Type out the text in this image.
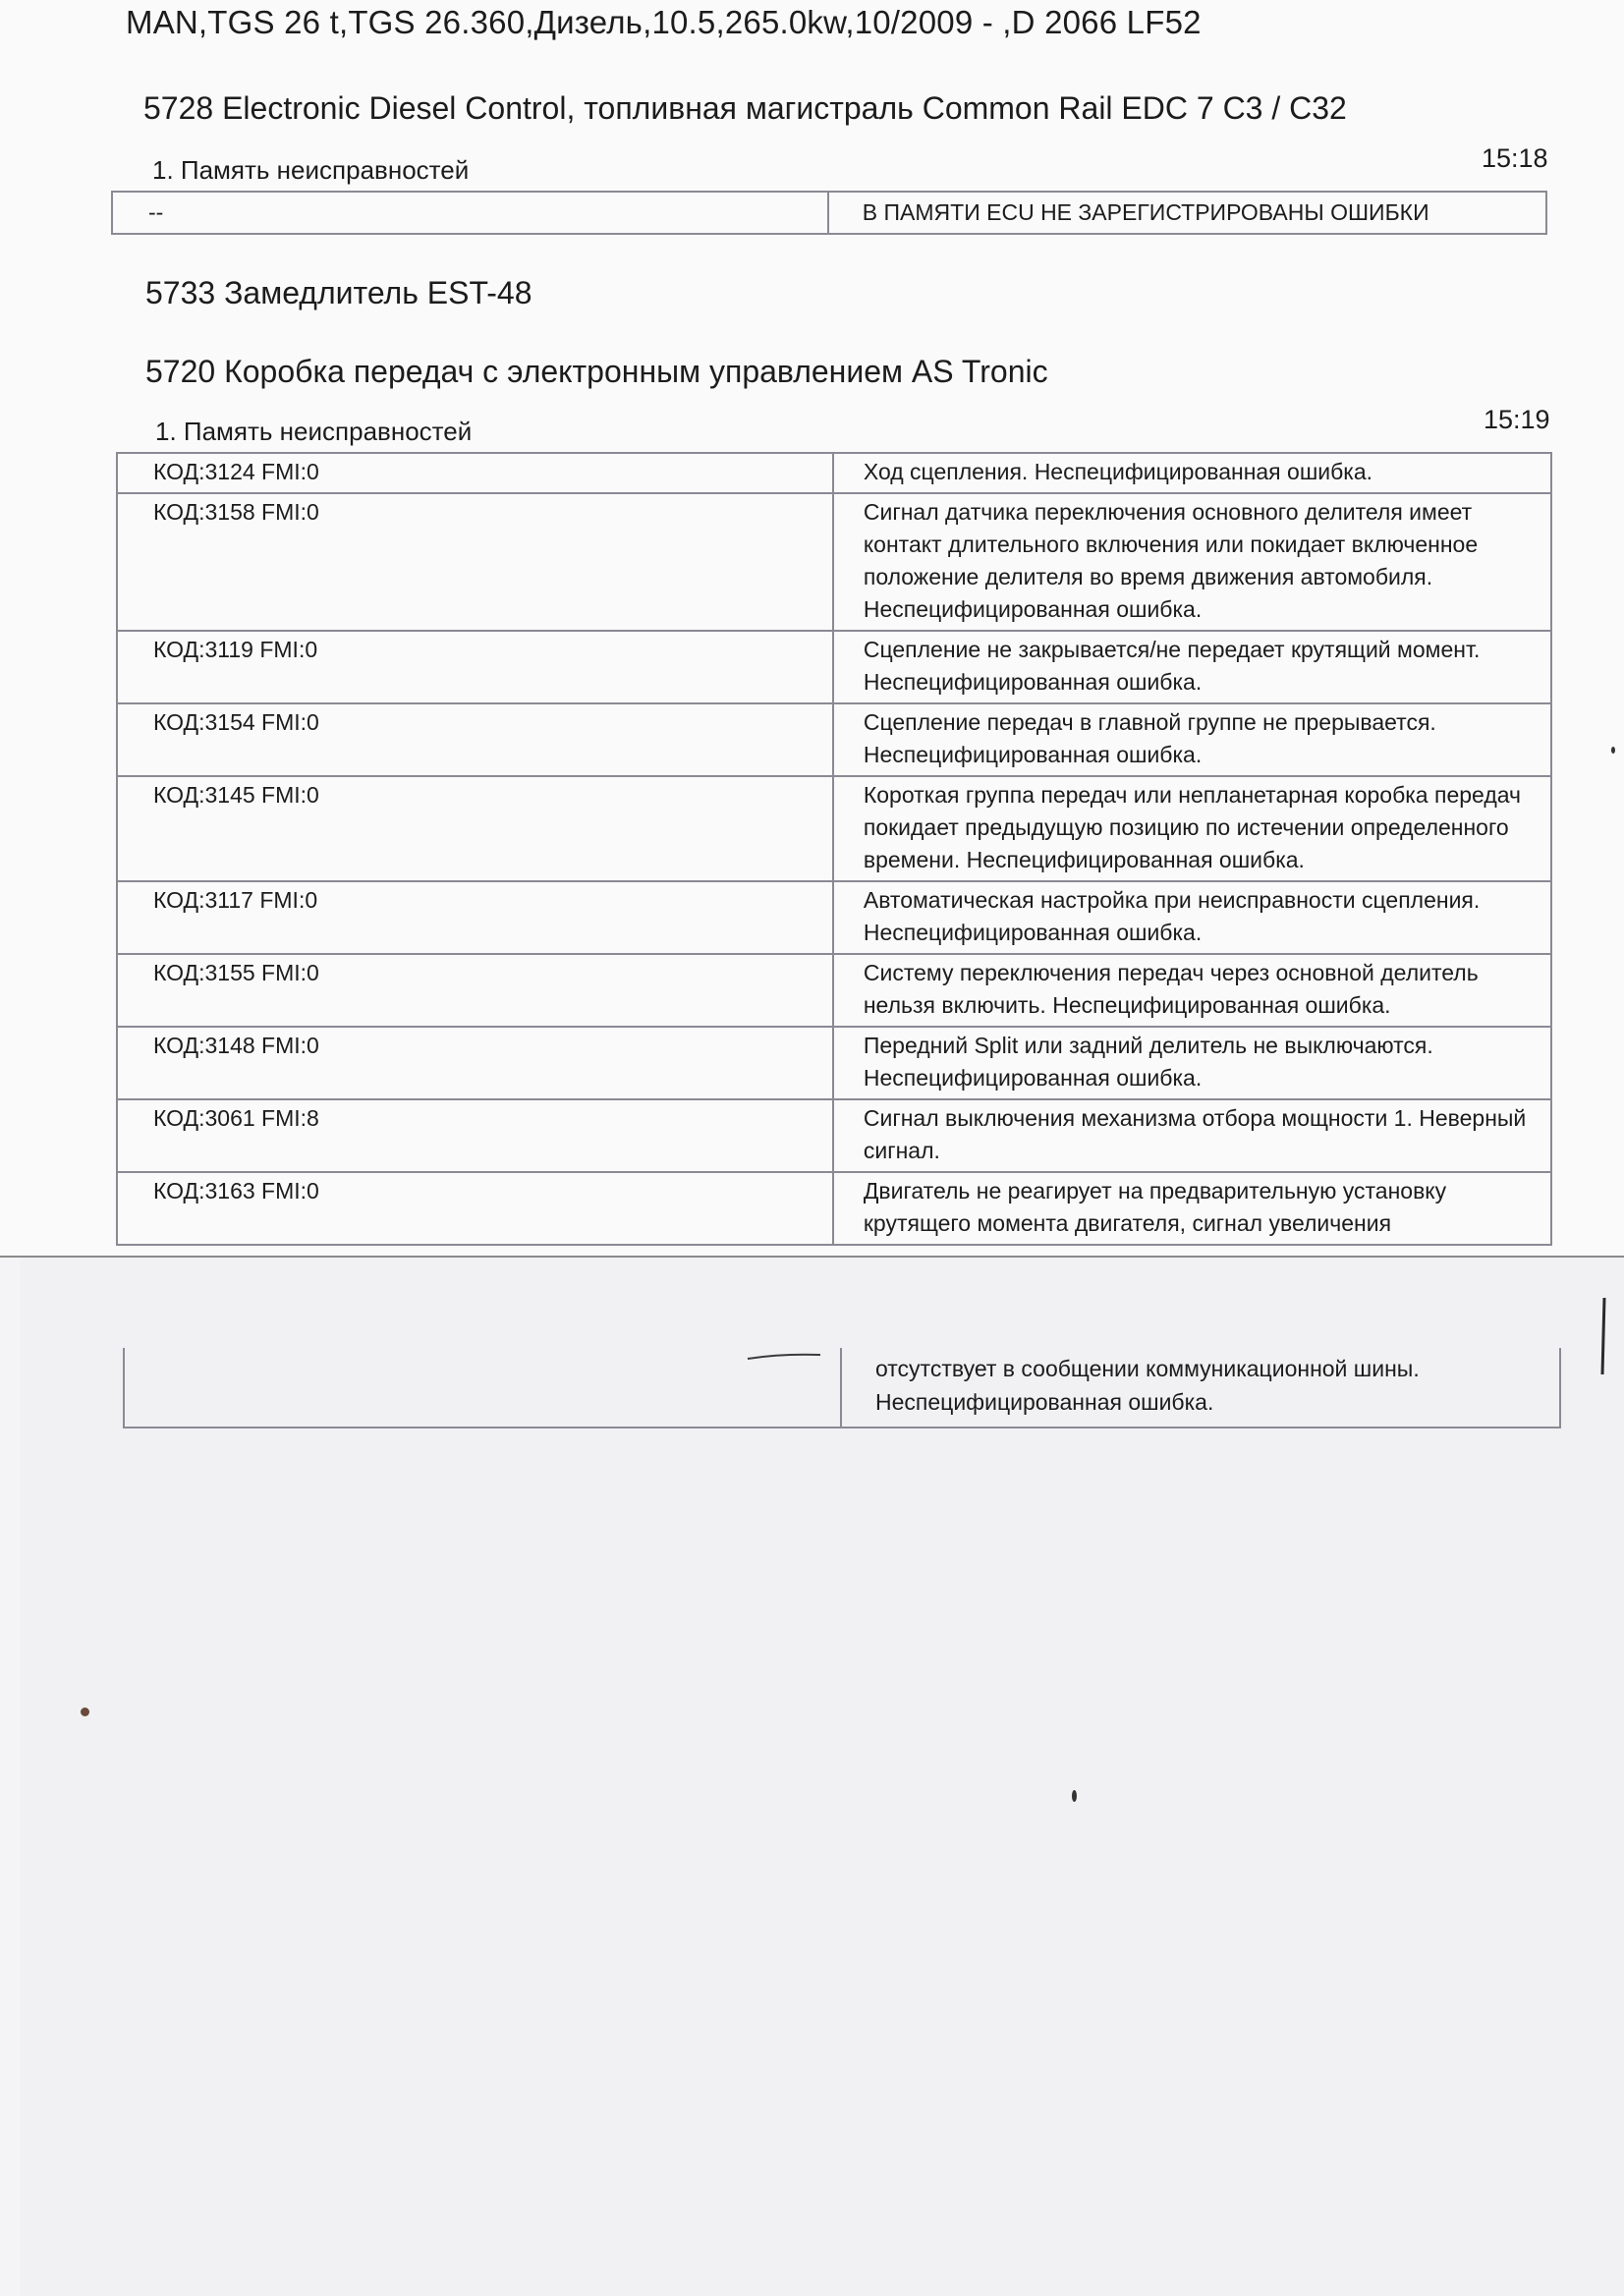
MAN,TGS 26 t,TGS 26.360,Дизель,10.5,265.0kw,10/2009 - ,D 2066 LF52
5728 Electronic Diesel Control, топливная магистраль Common Rail EDC 7 C3 / C32
1. Память неисправностей	15:18
--	В ПАМЯТИ ECU НЕ ЗАРЕГИСТРИРОВАНЫ ОШИБКИ
5733 Замедлитель EST-48
5720 Коробка передач с электронным управлением AS Tronic
1. Память неисправностей	15:19
КОД:3124 FMI:0	Ход сцепления. Неспецифицированная ошибка.
КОД:3158 FMI:0	Сигнал датчика переключения основного делителя имеет контакт длительного включения или покидает включенное положение делителя во время движения автомобиля. Неспецифицированная ошибка.
КОД:3119 FMI:0	Сцепление не закрывается/не передает крутящий момент. Неспецифицированная ошибка.
КОД:3154 FMI:0	Сцепление передач в главной группе не прерывается. Неспецифицированная ошибка.
КОД:3145 FMI:0	Короткая группа передач или непланетарная коробка передач покидает предыдущую позицию по истечении определенного времени. Неспецифицированная ошибка.
КОД:3117 FMI:0	Автоматическая настройка при неисправности сцепления. Неспецифицированная ошибка.
КОД:3155 FMI:0	Систему переключения передач через основной делитель нельзя включить. Неспецифицированная ошибка.
КОД:3148 FMI:0	Передний Split или задний делитель не выключаются. Неспецифицированная ошибка.
КОД:3061 FMI:8	Сигнал выключения механизма отбора мощности 1. Неверный сигнал.
КОД:3163 FMI:0	Двигатель не реагирует на предварительную установку крутящего момента двигателя, сигнал увеличения
отсутствует в сообщении коммуникационной шины. Неспецифицированная ошибка.
